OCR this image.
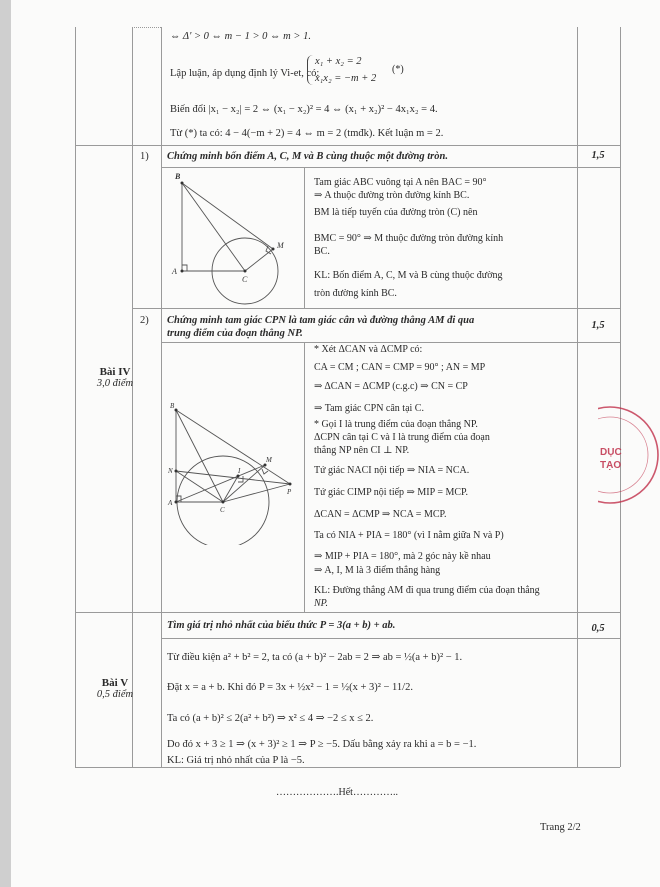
⇔ Δ' > 0 ⇔ m − 1 > 0 ⇔ m > 1.
Lập luận, áp dụng định lý Vi-et, có:
x₁ + x₂ = 2
x₁x₂ = −m + 2
(*)
Biến đổi |x₁ − x₂| = 2 ⇔ (x₁ − x₂)² = 4 ⇔ (x₁ + x₂)² − 4x₁x₂ = 4.
Từ (*) ta có: 4 − 4(−m + 2) = 4 ⇔ m = 2 (tmđk). Kết luận m = 2.
Bài IV
3,0 điểm
1) Chứng minh bốn điểm A, C, M và B cùng thuộc một đường tròn.	1,5
B
M
A
C
Tam giác ABC vuông tại A nên BAC = 90°
⇒ A thuộc đường tròn đường kính BC.
BM là tiếp tuyến của đường tròn (C) nên
BMC = 90° ⇒ M thuộc đường tròn đường kính
BC.
KL: Bốn điểm A, C, M và B cùng thuộc đường
tròn đường kính BC.
2) Chứng minh tam giác CPN là tam giác cân và đường thẳng AM đi qua
trung điểm của đoạn thẳng NP.
1,5
B
N
M
I
P
A
C
* Xét ΔCAN và ΔCMP có:
CA = CM ; CAN = CMP = 90° ; AN = MP
⇒ ΔCAN = ΔCMP (c.g.c) ⇒ CN = CP
⇒ Tam giác CPN cân tại C.
* Gọi I là trung điểm của đoạn thẳng NP.
ΔCPN cân tại C và I là trung điểm của đoạn
thẳng NP nên CI ⊥ NP.
Tứ giác NACI nội tiếp ⇒ NIA = NCA.
Tứ giác CIMP nội tiếp ⇒ MIP = MCP.
ΔCAN = ΔCMP ⇒ NCA = MCP.
Ta có NIA + PIA = 180° (vì I nằm giữa N và P)
⇒ MIP + PIA = 180°, mà 2 góc này kề nhau
⇒ A, I, M là 3 điểm thẳng hàng
KL: Đường thẳng AM đi qua trung điểm của đoạn thẳng
NP.
Bài V
0,5 điểm
Tìm giá trị nhỏ nhất của biểu thức P = 3(a + b) + ab.	0,5
Từ điều kiện a² + b² = 2, ta có (a + b)² − 2ab = 2 ⇒ ab = ½(a + b)² − 1.
Đặt x = a + b. Khi đó P = 3x + ½x² − 1 = ½(x + 3)² − 11/2.
Ta có (a + b)² ≤ 2(a² + b²) ⇒ x² ≤ 4 ⇒ −2 ≤ x ≤ 2.
Do đó x + 3 ≥ 1 ⇒ (x + 3)² ≥ 1 ⇒ P ≥ −5. Dấu bằng xảy ra khi a = b = −1.
KL: Giá trị nhỏ nhất của P là −5.
……………….Hết…………..
Trang 2/2
DỤC
TẠO
